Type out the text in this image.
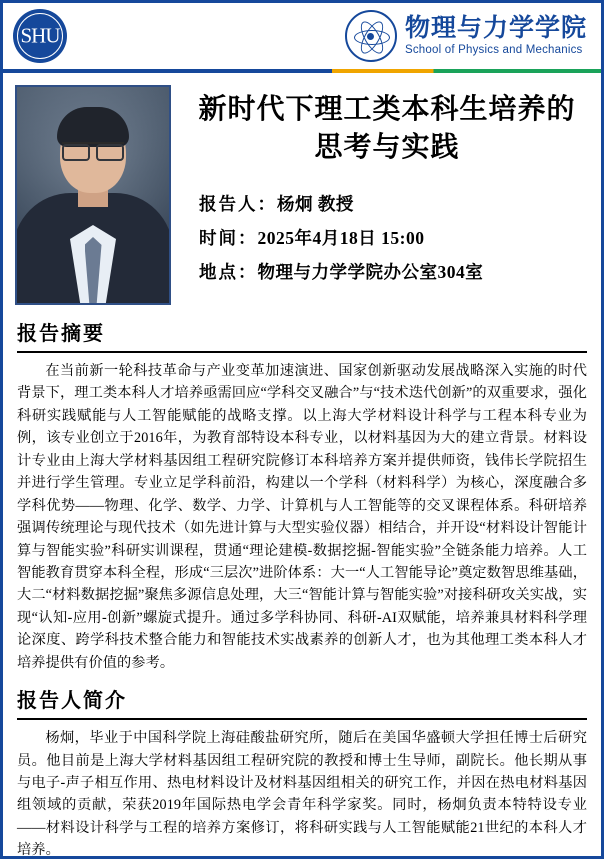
SHU	物理与力学学院
School of Physics and Mechanics
新时代下理工类本科生培养的思考与实践
报告人：杨炯 教授
时间：2025年4月18日 15:00
地点：物理与力学学院办公室304室
报告摘要
在当前新一轮科技革命与产业变革加速演进、国家创新驱动发展战略深入实施的时代背景下，理工类本科人才培养亟需回应“学科交叉融合”与“技术迭代创新”的双重要求，强化科研实践赋能与人工智能赋能的战略支撑。以上海大学材料设计科学与工程本科专业为例，该专业创立于2016年，为教育部特设本科专业，以材料基因为大的建立背景。材料设计专业由上海大学材料基因组工程研究院修订本科培养方案并提供师资，钱伟长学院招生并进行学生管理。专业立足学科前沿，构建以一个学科（材料科学）为核心，深度融合多学科优势——物理、化学、数学、力学、计算机与人工智能等的交叉课程体系。科研培养强调传统理论与现代技术（如先进计算与大型实验仪器）相结合，并开设“材料设计智能计算与智能实验”科研实训课程，贯通“理论建模-数据挖掘-智能实验”全链条能力培养。人工智能教育贯穿本科全程，形成“三层次”进阶体系：大一“人工智能导论”奠定数智思维基础，大二“材料数据挖掘”聚焦多源信息处理，大三“智能计算与智能实验”对接科研攻关实战，实现“认知-应用-创新”螺旋式提升。通过多学科协同、科研-AI双赋能，培养兼具材料科学理论深度、跨学科技术整合能力和智能技术实战素养的创新人才，也为其他理工类本科人才培养提供有价值的参考。
报告人简介
杨炯，毕业于中国科学院上海硅酸盐研究所，随后在美国华盛顿大学担任博士后研究员。他目前是上海大学材料基因组工程研究院的教授和博士生导师，副院长。他长期从事与电子-声子相互作用、热电材料设计及材料基因组相关的研究工作，并因在热电材料基因组领域的贡献，荣获2019年国际热电学会青年科学家奖。同时，杨炯负责本特特设专业——材料设计科学与工程的培养方案修订，将科研实践与人工智能赋能21世纪的本科人才培养。
